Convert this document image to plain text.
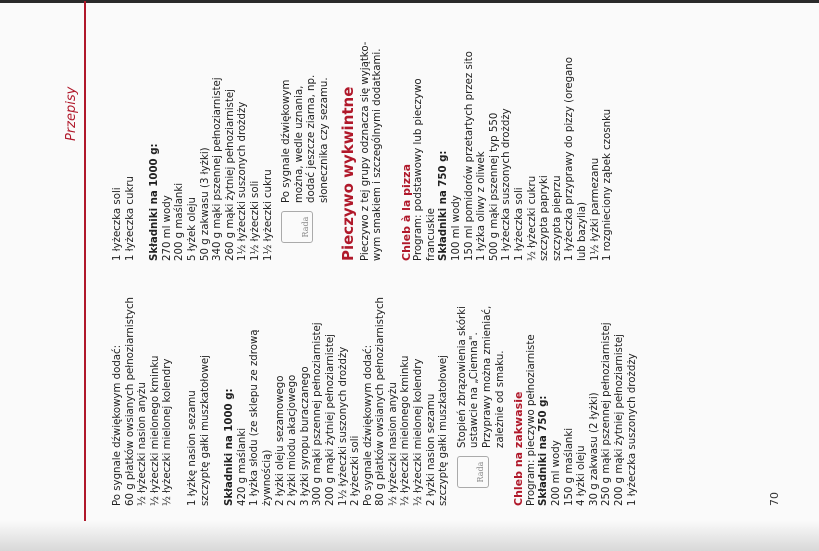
Przepisy
Po sygnale dźwiękowym dodać: 60 g płatków owsianych pełnoziarnistych ½ łyżeczki nasion anyżu ½ łyżeczki mielonego kminku ½ łyżeczki mielonej kolendry 1 łyżkę nasion sezamu szczyptę gałki muszkatołowej Składniki na 1000 g: 420 g maślanki 1 łyżka słodu (ze sklepu ze zdrową żywnością) 2 łyżki oleju sezamowego 2 łyżki miodu akacjowego 3 łyżki syropu buraczanego 300 g mąki pszennej pełnoziarnistej 200 g mąki żytniej pełnoziarnistej 1½ łyżeczki suszonych drożdży 2 łyżeczki soli Po sygnale dźwiękowym dodać: 80 g płatków owsianych pełnoziarnistych ½ łyżeczki nasion anyżu ½ łyżeczki mielonego kminku ½ łyżeczki mielonej kolendry 2 łyżki nasion sezamu szczyptę gałki muszkatołowej	Rada
Stopień zbrązowienia skórki ustawcie na „Ciemna". Przyprawy można zmieniać, zależnie od smaku. Chleb na zakwasie Program: pieczywo pełnoziarniste Składniki na 750 g: 200 ml wody 150 g maślanki 4 łyżki oleju 30 g zakwasu (2 łyżki) 250 g mąki pszennej pełnoziarnistej 200 g mąki żytniej pełnoziarnistej 1 łyżeczka suszonych drożdży
1 łyżeczka soli 1 łyżeczka cukru Składniki na 1000 g: 270 ml wody 200 g maślanki 5 łyżek oleju 50 g zakwasu (3 łyżki) 340 g mąki pszennej pełnoziarnistej 260 g mąki żytniej pełnoziarnistej 1½ łyżeczki suszonych drożdży 1½ łyżeczki soli 1½ łyżeczki cukru	Rada
Po sygnale dźwiękowym można, wedle uznania, dodać jeszcze ziarna, np. słonecznika czy sezamu. Pieczywo wykwintne Pieczywo z tej grupy odznacza się wyjątko- wym smakiem i szczególnymi dodatkami. Chleb à la pizza Program: podstawowy lub pieczywo francuskie Składniki na 750 g: 100 ml wody 150 ml pomidorów przetartych przez sito 1 łyżka oliwy z oliwek 500 g mąki pszennej typ 550 1 łyżeczka suszonych drożdży 1 łyżeczka soli ½ łyżeczki cukru szczypta papryki szczypta pieprzu 1 łyżeczka przyprawy do pizzy (oregano lub bazylia) 1½ łyżki parmezanu 1 rozgnieciony ząbek czosnku
70
